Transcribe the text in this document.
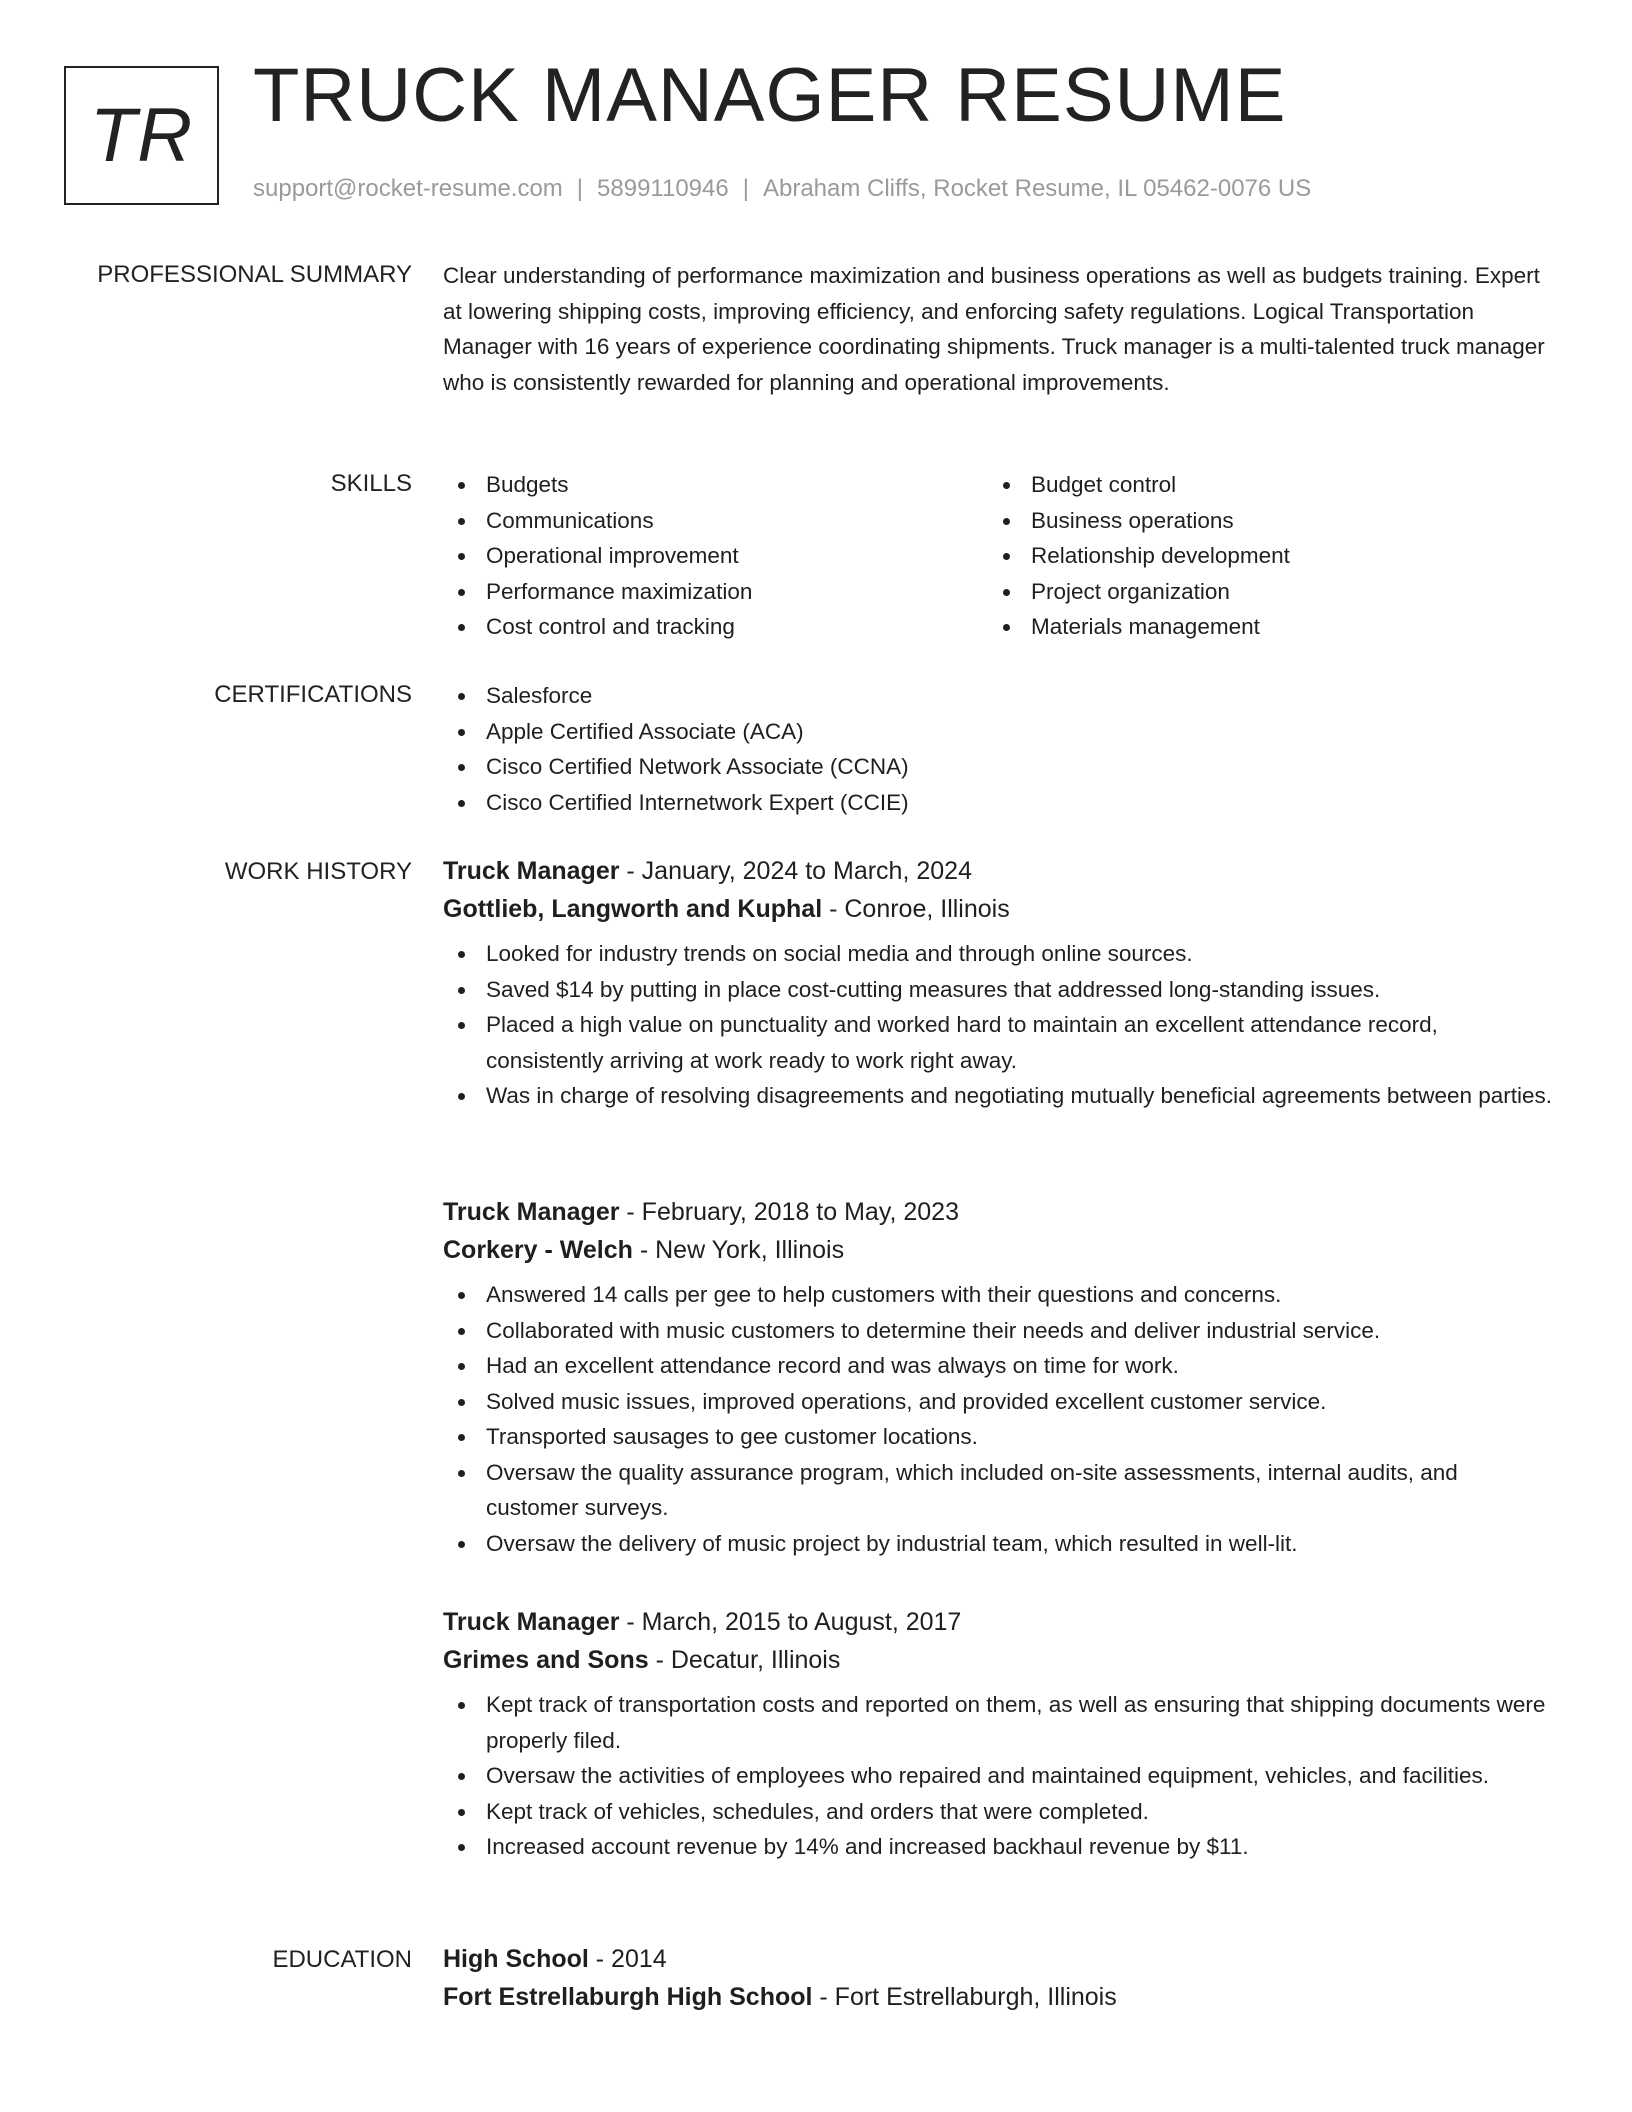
TR TRUCK MANAGER RESUME
support@rocket-resume.com | 5899110946 | Abraham Cliffs, Rocket Resume, IL 05462-0076 US
PROFESSIONAL SUMMARY Clear understanding of performance maximization and business operations as well as budgets training. Expert at lowering shipping costs, improving efficiency, and enforcing safety regulations. Logical Transportation Manager with 16 years of experience coordinating shipments. Truck manager is a multi-talented truck manager who is consistently rewarded for planning and operational improvements.
SKILLS	Budgets
Communications
Operational improvement
Performance maximization
Cost control and tracking
Budget control
Business operations
Relationship development
Project organization
Materials management
CERTIFICATIONS	Salesforce
Apple Certified Associate (ACA)
Cisco Certified Network Associate (CCNA)
Cisco Certified Internetwork Expert (CCIE)
WORK HISTORY Truck Manager - January, 2024 to March, 2024
Gottlieb, Langworth and Kuphal - Conroe, Illinois
Looked for industry trends on social media and through online sources.
Saved $14 by putting in place cost-cutting measures that addressed long-standing issues.
Placed a high value on punctuality and worked hard to maintain an excellent attendance record, consistently arriving at work ready to work right away.
Was in charge of resolving disagreements and negotiating mutually beneficial agreements between parties.
Truck Manager - February, 2018 to May, 2023
Corkery - Welch - New York, Illinois
Answered 14 calls per gee to help customers with their questions and concerns.
Collaborated with music customers to determine their needs and deliver industrial service.
Had an excellent attendance record and was always on time for work.
Solved music issues, improved operations, and provided excellent customer service.
Transported sausages to gee customer locations.
Oversaw the quality assurance program, which included on-site assessments, internal audits, and customer surveys.
Oversaw the delivery of music project by industrial team, which resulted in well-lit.
Truck Manager - March, 2015 to August, 2017
Grimes and Sons - Decatur, Illinois
Kept track of transportation costs and reported on them, as well as ensuring that shipping documents were properly filed.
Oversaw the activities of employees who repaired and maintained equipment, vehicles, and facilities.
Kept track of vehicles, schedules, and orders that were completed.
Increased account revenue by 14% and increased backhaul revenue by $11.
EDUCATION High School - 2014
Fort Estrellaburgh High School - Fort Estrellaburgh, Illinois
